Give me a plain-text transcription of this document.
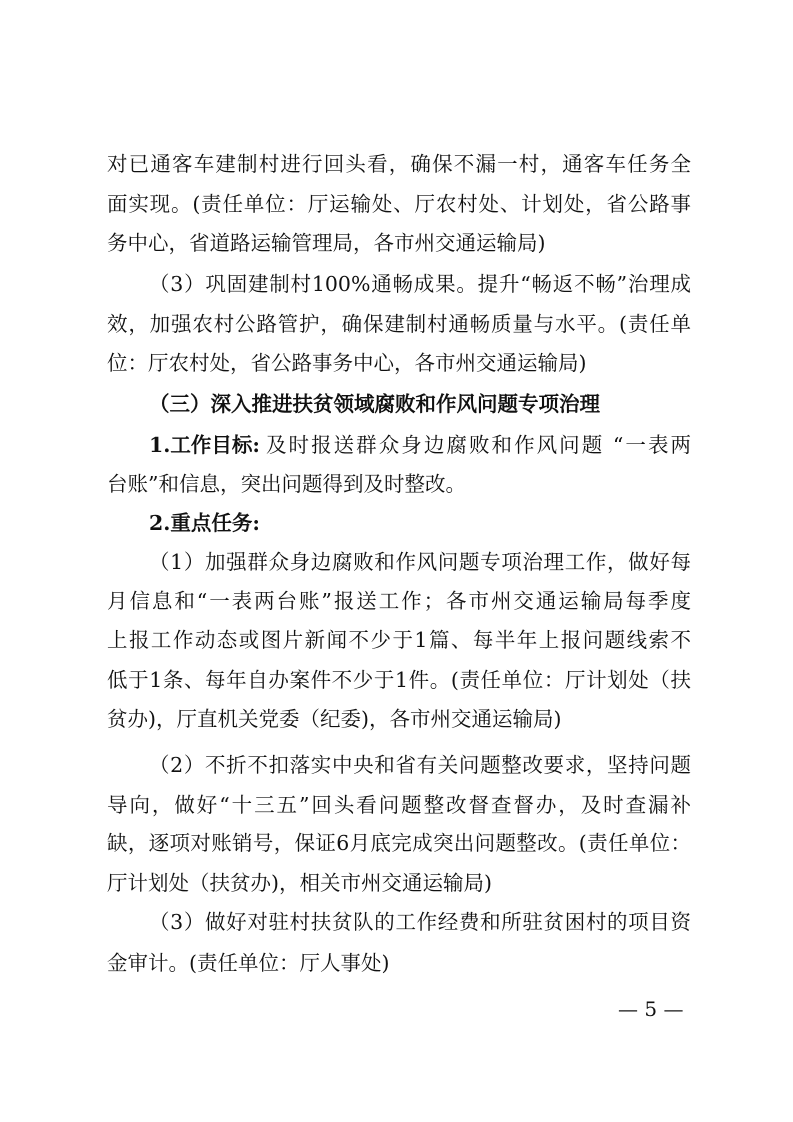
对已通客车建制村进行回头看，确保不漏一村，通客车任务全
面实现。(责任单位：厅运输处、厅农村处、计划处，省公路事
务中心，省道路运输管理局，各市州交通运输局)
（3）巩固建制村100%通畅成果。提升“畅返不畅”治理成
效，加强农村公路管护，确保建制村通畅质量与水平。(责任单
位：厅农村处，省公路事务中心，各市州交通运输局)
（三）深入推进扶贫领域腐败和作风问题专项治理
1.工作目标: 及时报送群众身边腐败和作风问题 “一表两
台账”和信息，突出问题得到及时整改。
2.重点任务:
（1）加强群众身边腐败和作风问题专项治理工作，做好每
月信息和“一表两台账”报送工作；各市州交通运输局每季度
上报工作动态或图片新闻不少于1篇、每半年上报问题线索不
低于1条、每年自办案件不少于1件。(责任单位：厅计划处（扶
贫办)，厅直机关党委（纪委)，各市州交通运输局)
（2）不折不扣落实中央和省有关问题整改要求，坚持问题
导向，做好“十三五”回头看问题整改督查督办，及时查漏补
缺，逐项对账销号，保证6月底完成突出问题整改。(责任单位：
厅计划处（扶贫办)，相关市州交通运输局)
（3）做好对驻村扶贫队的工作经费和所驻贫困村的项目资
金审计。(责任单位：厅人事处)
— 5 —
